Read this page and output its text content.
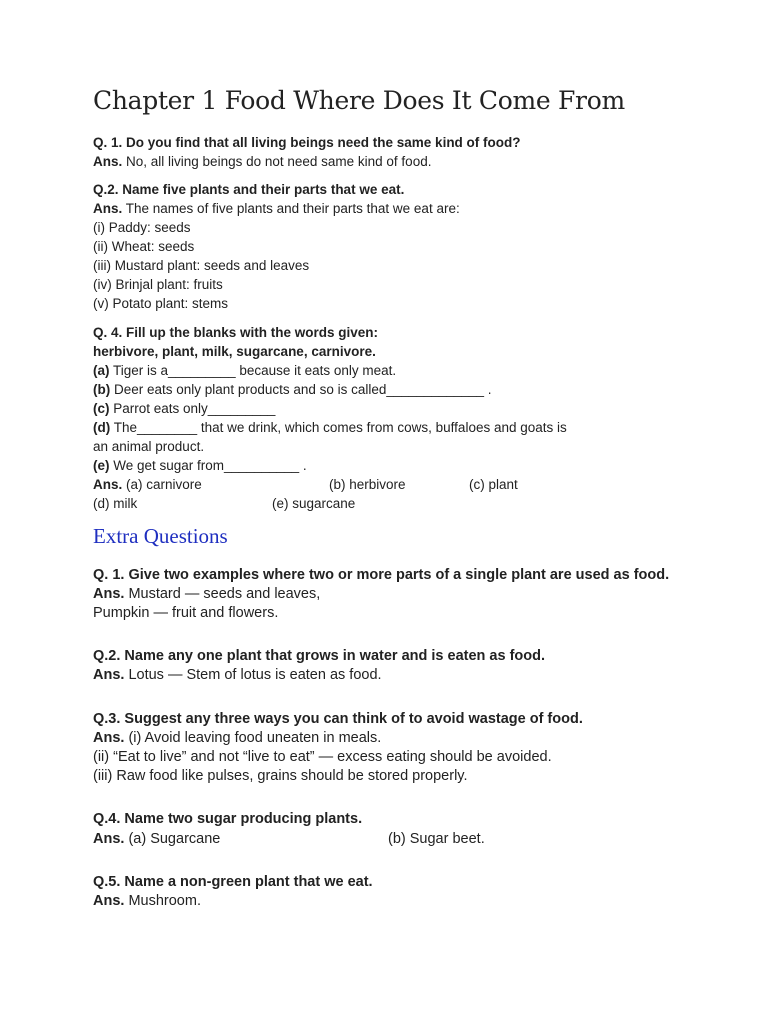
Chapter 1 Food Where Does It Come From
Q. 1. Do you find that all living beings need the same kind of food?
Ans. No, all living beings do not need same kind of food.
Q.2. Name five plants and their parts that we eat.
Ans. The names of five plants and their parts that we eat are:
(i) Paddy: seeds
(ii) Wheat: seeds
(iii) Mustard plant: seeds and leaves
(iv) Brinjal plant: fruits
(v) Potato plant: stems
Q. 4. Fill up the blanks with the words given:
herbivore, plant, milk, sugarcane, carnivore.
(a) Tiger is a_________ because it eats only meat.
(b) Deer eats only plant products and so is called_____________ .
(c) Parrot eats only_________
(d) The________ that we drink, which comes from cows, buffaloes and goats is
an animal product.
(e) We get sugar from__________ .
Ans. (a) carnivore	(b) herbivore	(c) plant
(d) milk	(e) sugarcane
Extra Questions
Q. 1. Give two examples where two or more parts of a single plant are used as food.
Ans. Mustard — seeds and leaves,
Pumpkin — fruit and flowers.
Q.2. Name any one plant that grows in water and is eaten as food.
Ans. Lotus — Stem of lotus is eaten as food.
Q.3. Suggest any three ways you can think of to avoid wastage of food.
Ans. (i) Avoid leaving food uneaten in meals.
(ii) “Eat to live” and not “live to eat” — excess eating should be avoided.
(iii) Raw food like pulses, grains should be stored properly.
Q.4. Name two sugar producing plants.
Ans. (a) Sugarcane	(b) Sugar beet.
Q.5. Name a non-green plant that we eat.
Ans. Mushroom.
